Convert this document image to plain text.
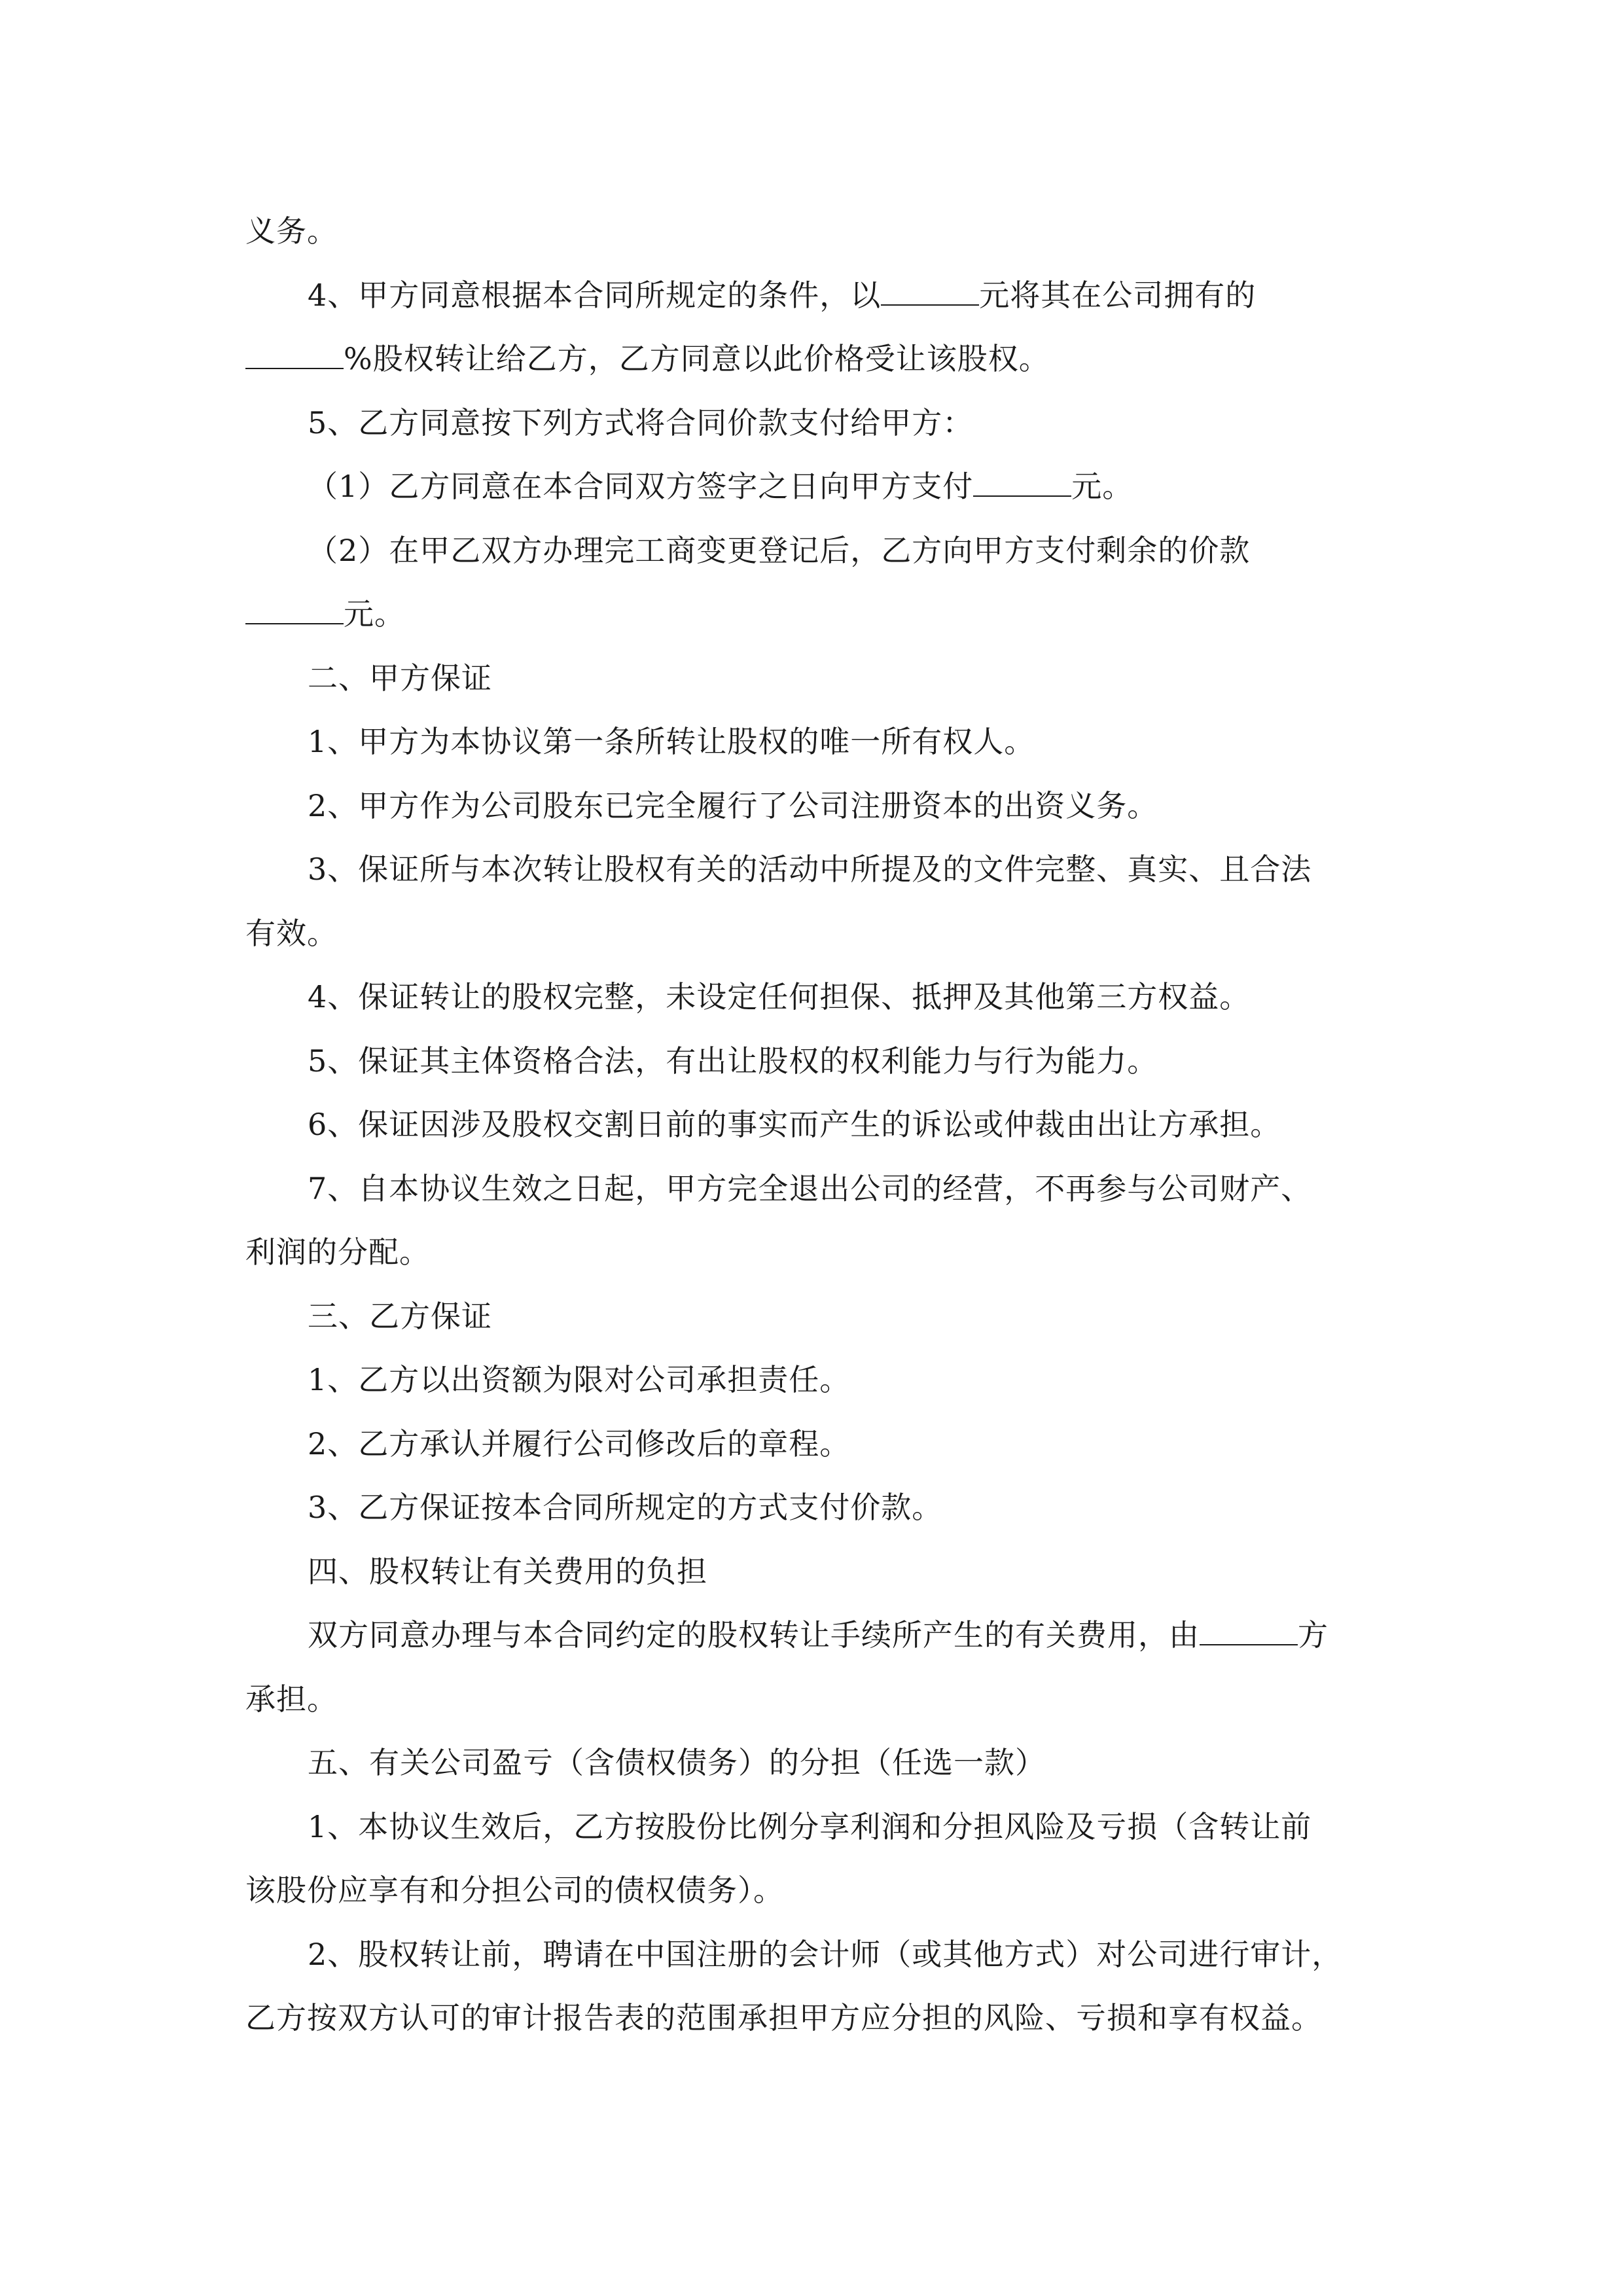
义务。
4、甲方同意根据本合同所规定的条件，以	元将其在公司拥有的
%股权转让给乙方，乙方同意以此价格受让该股权。
5、乙方同意按下列方式将合同价款支付给甲方：
（1）乙方同意在本合同双方签字之日向甲方支付	元。
（2）在甲乙双方办理完工商变更登记后，乙方向甲方支付剩余的价款
元。
二、甲方保证
1、甲方为本协议第一条所转让股权的唯一所有权人。
2、甲方作为公司股东已完全履行了公司注册资本的出资义务。
3、保证所与本次转让股权有关的活动中所提及的文件完整、真实、且合法
有效。
4、保证转让的股权完整，未设定任何担保、抵押及其他第三方权益。
5、保证其主体资格合法，有出让股权的权利能力与行为能力。
6、保证因涉及股权交割日前的事实而产生的诉讼或仲裁由出让方承担。
7、自本协议生效之日起，甲方完全退出公司的经营，不再参与公司财产、
利润的分配。
三、乙方保证
1、乙方以出资额为限对公司承担责任。
2、乙方承认并履行公司修改后的章程。
3、乙方保证按本合同所规定的方式支付价款。
四、股权转让有关费用的负担
双方同意办理与本合同约定的股权转让手续所产生的有关费用，由	方
承担。
五、有关公司盈亏（含债权债务）的分担（任选一款）
1、本协议生效后，乙方按股份比例分享利润和分担风险及亏损（含转让前
该股份应享有和分担公司的债权债务）。
2、股权转让前，聘请在中国注册的会计师（或其他方式）对公司进行审计，
乙方按双方认可的审计报告表的范围承担甲方应分担的风险、亏损和享有权益。
